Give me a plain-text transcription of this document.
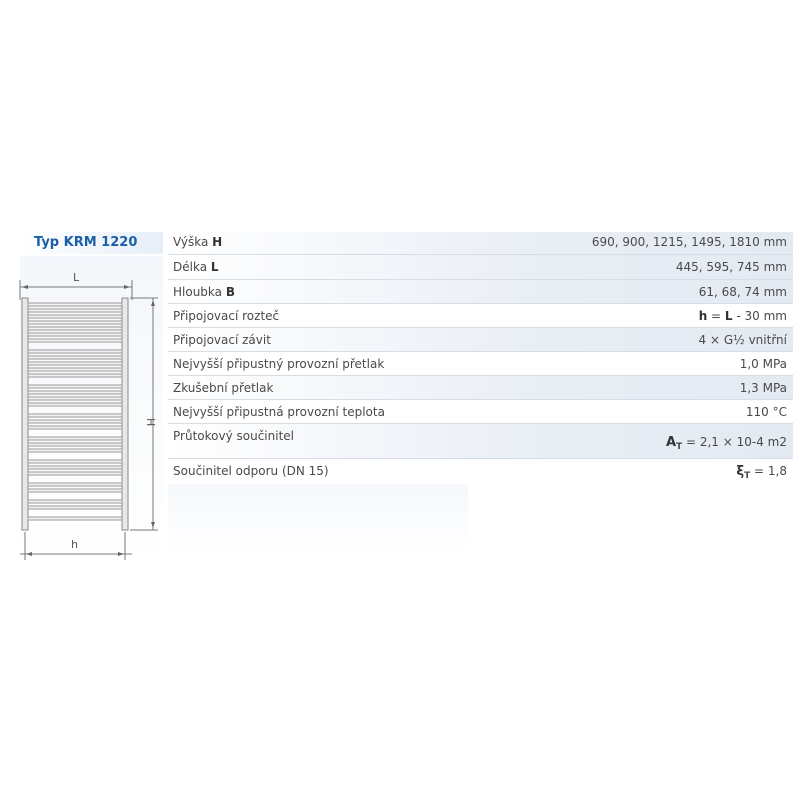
Typ KRM 1220
L
H
h
Výška H	690, 900, 1215, 1495, 1810 mm
Délka L	445, 595, 745 mm
Hloubka B	61, 68, 74 mm
Připojovací rozteč	h = L - 30 mm
Připojovací závit	4 × G½ vnitřní
Nejvyšší připustný provozní přetlak	1,0 MPa
Zkušební přetlak	1,3 MPa
Nejvyšší připustná provozní teplota	110 °C
Průtokový součinitel	$A_T = 2,1 \times 10-4$ m2
Součinitel odporu (DN 15)	$\xi_T = 1,8$
